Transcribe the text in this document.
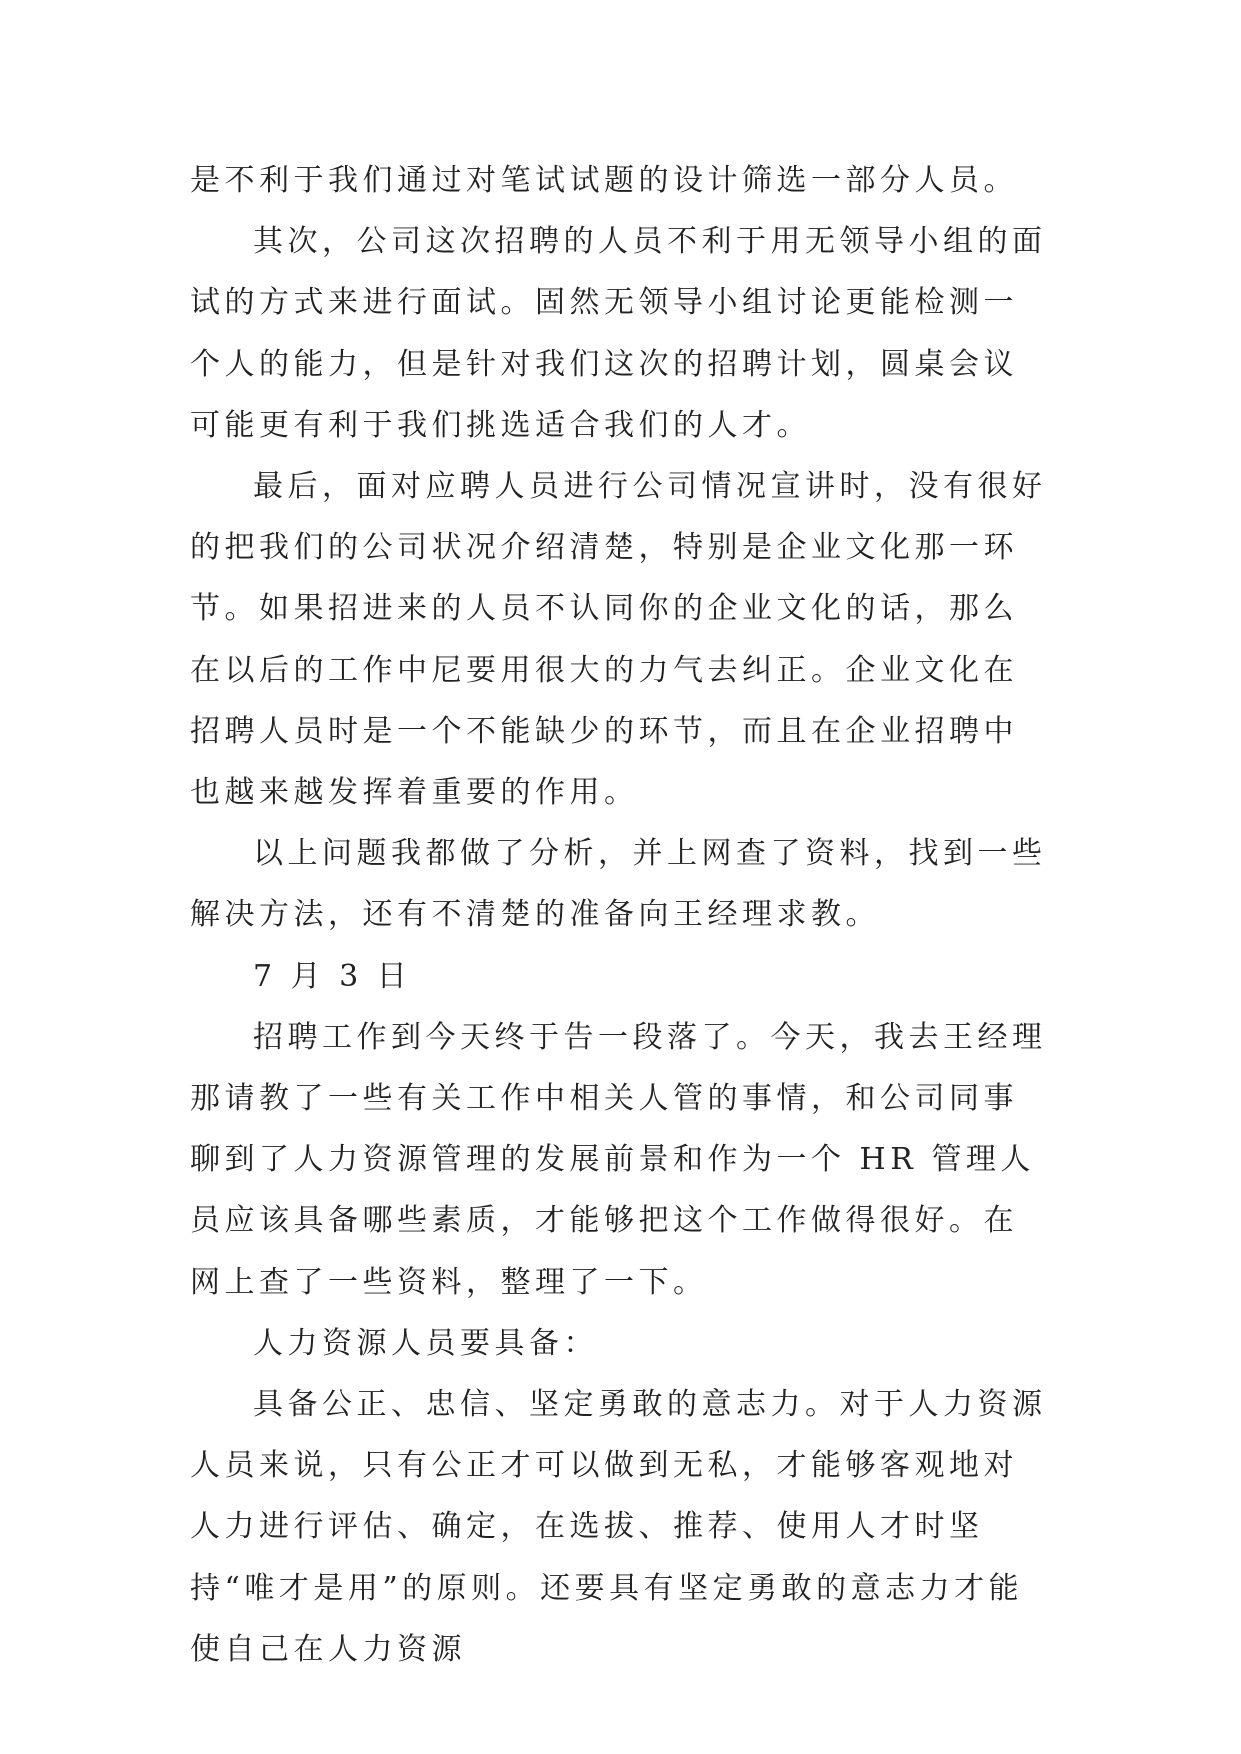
是不利于我们通过对笔试试题的设计筛选一部分人员。

其次，公司这次招聘的人员不利于用无领导小组的面试的方式来进行面试。固然无领导小组讨论更能检测一个人的能力，但是针对我们这次的招聘计划，圆桌会议可能更有利于我们挑选适合我们的人才。

最后，面对应聘人员进行公司情况宣讲时，没有很好的把我们的公司状况介绍清楚，特别是企业文化那一环节。如果招进来的人员不认同你的企业文化的话，那么在以后的工作中尼要用很大的力气去纠正。企业文化在招聘人员时是一个不能缺少的环节，而且在企业招聘中也越来越发挥着重要的作用。

以上问题我都做了分析，并上网查了资料，找到一些解决方法，还有不清楚的准备向王经理求教。

7 月 3 日

招聘工作到今天终于告一段落了。今天，我去王经理那请教了一些有关工作中相关人管的事情，和公司同事聊到了人力资源管理的发展前景和作为一个 HR 管理人员应该具备哪些素质，才能够把这个工作做得很好。在网上查了一些资料，整理了一下。

人力资源人员要具备：

具备公正、忠信、坚定勇敢的意志力。对于人力资源人员来说，只有公正才可以做到无私，才能够客观地对人力进行评估、确定，在选拔、推荐、使用人才时坚持“唯才是用”的原则。还要具有坚定勇敢的意志力才能使自己在人力资源
